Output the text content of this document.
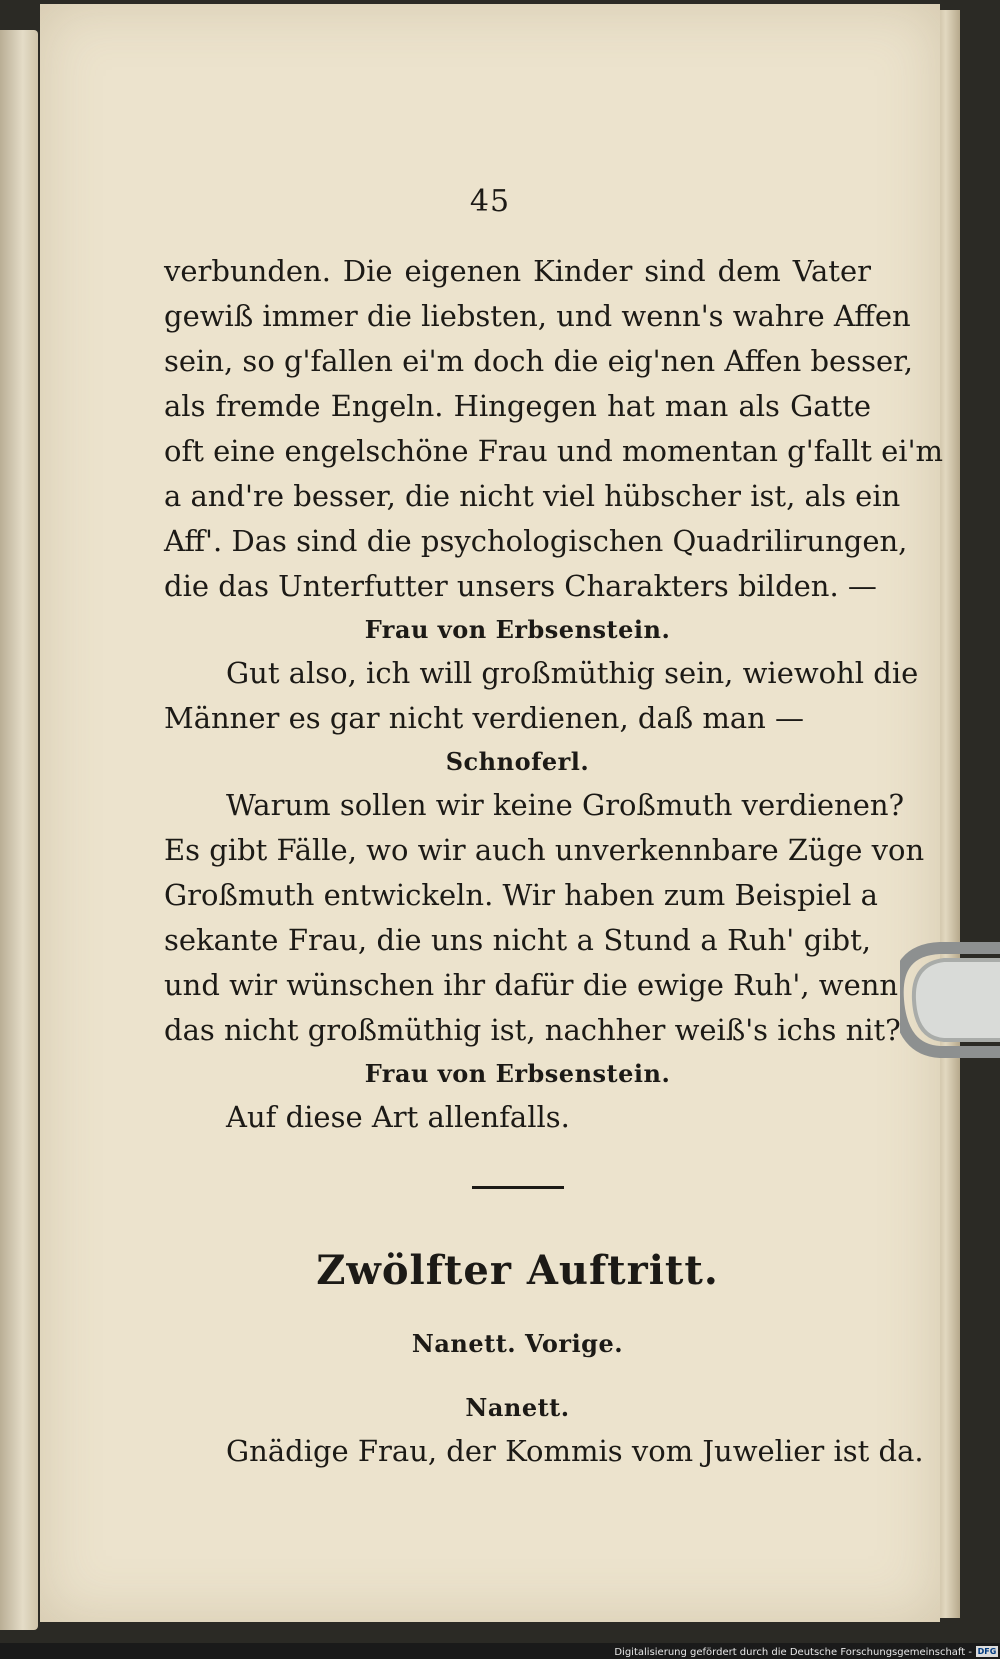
45
verbunden. Die eigenen Kinder sind dem Vater
gewiß immer die liebsten, und wenn's wahre Affen
sein, so g'fallen ei'm doch die eig'nen Affen besser,
als fremde Engeln. Hingegen hat man als Gatte
oft eine engelschöne Frau und momentan g'fallt ei'm
a and're besser, die nicht viel hübscher ist, als ein
Aff'. Das sind die psychologischen Quadrilirungen,
die das Unterfutter unsers Charakters bilden. —
Frau von Erbsenstein.
Gut also, ich will großmüthig sein, wiewohl die
Männer es gar nicht verdienen, daß man —
Schnoferl.
Warum sollen wir keine Großmuth verdienen?
Es gibt Fälle, wo wir auch unverkennbare Züge von
Großmuth entwickeln. Wir haben zum Beispiel a
sekante Frau, die uns nicht a Stund a Ruh' gibt,
und wir wünschen ihr dafür die ewige Ruh', wenn
das nicht großmüthig ist, nachher weiß's ichs nit?
Frau von Erbsenstein.
Auf diese Art allenfalls.
Zwölfter Auftritt.
Nanett. Vorige.
Nanett.
Gnädige Frau, der Kommis vom Juwelier ist da.
Digitalisierung gefördert durch die Deutsche Forschungsgemeinschaft - DFG
